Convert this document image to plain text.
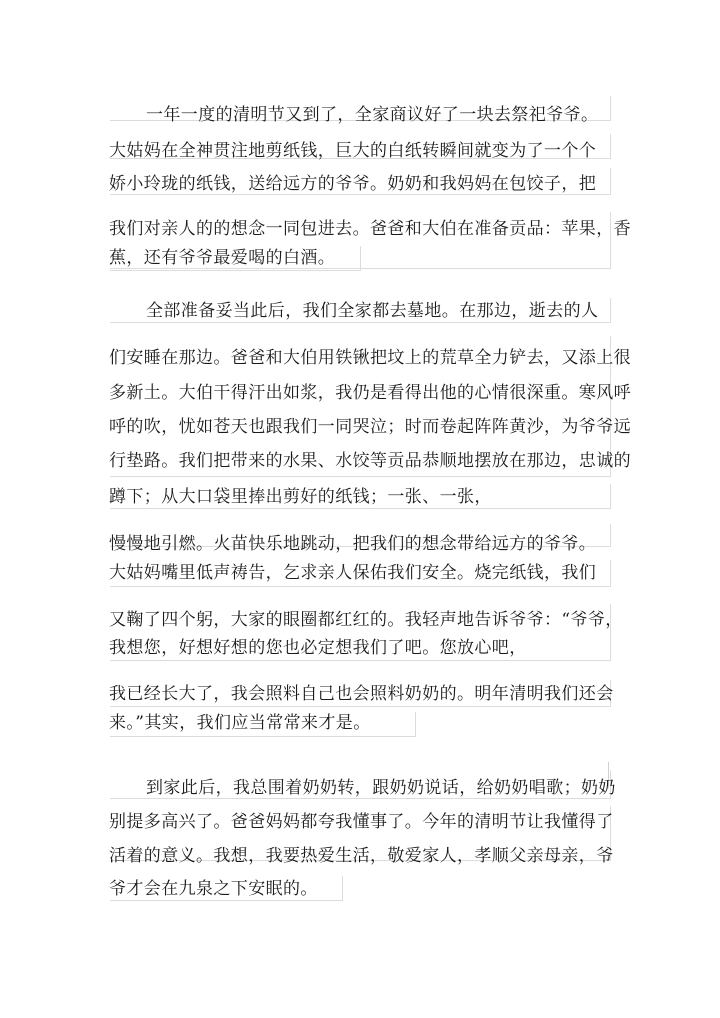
一年一度的清明节又到了，全家商议好了一块去祭祀爷爷。
大姑妈在全神贯注地剪纸钱，巨大的白纸转瞬间就变为了一个个
娇小玲珑的纸钱，送给远方的爷爷。奶奶和我妈妈在包饺子，把
我们对亲人的的想念一同包进去。爸爸和大伯在准备贡品：苹果，香
蕉，还有爷爷最爱喝的白酒。
全部准备妥当此后，我们全家都去墓地。在那边，逝去的人
们安睡在那边。爸爸和大伯用铁锹把坟上的荒草全力铲去，又添上很
多新土。大伯干得汗出如浆，我仍是看得出他的心情很深重。寒风呼
呼的吹，忧如苍天也跟我们一同哭泣；时而卷起阵阵黄沙，为爷爷远
行垫路。我们把带来的水果、水饺等贡品恭顺地摆放在那边，忠诚的
蹲下；从大口袋里捧出剪好的纸钱；一张、一张，
慢慢地引燃。火苗快乐地跳动，把我们的想念带给远方的爷爷。
大姑妈嘴里低声祷告，乞求亲人保佑我们安全。烧完纸钱，我们
又鞠了四个躬，大家的眼圈都红红的。我轻声地告诉爷爷：“爷爷，
我想您，好想好想的您也必定想我们了吧。您放心吧，
我已经长大了，我会照料自己也会照料奶奶的。明年清明我们还会
来。”其实，我们应当常常来才是。
到家此后，我总围着奶奶转，跟奶奶说话，给奶奶唱歌；奶奶
别提多高兴了。爸爸妈妈都夸我懂事了。今年的清明节让我懂得了
活着的意义。我想，我要热爱生活，敬爱家人，孝顺父亲母亲，爷
爷才会在九泉之下安眠的。
